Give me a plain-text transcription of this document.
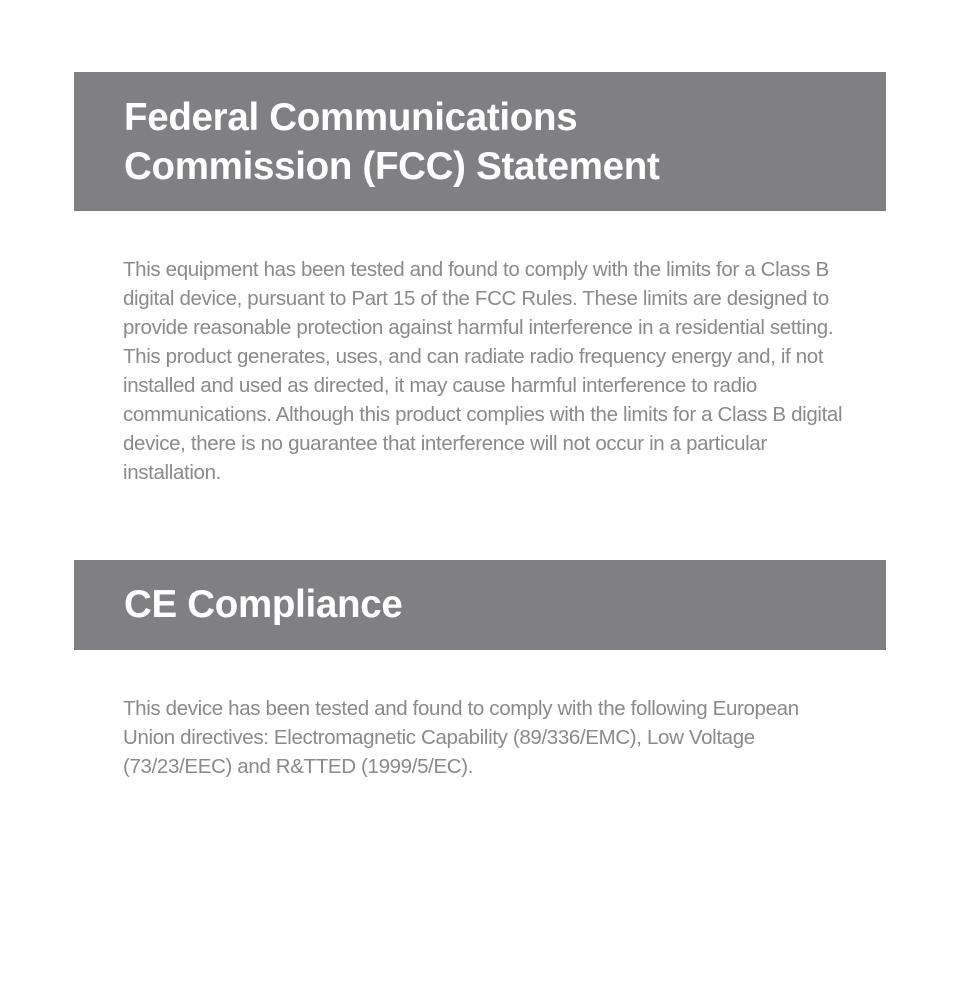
Federal Communications
Commission (FCC) Statement

This equipment has been tested and found to comply with the limits for a Class B digital device, pursuant to Part 15 of the FCC Rules. These limits are designed to provide reasonable protection against harmful interference in a residential setting. This product generates, uses, and can radiate radio frequency energy and, if not installed and used as directed, it may cause harmful interference to radio communications. Although this product complies with the limits for a Class B digital device, there is no guarantee that interference will not occur in a particular installation.

CE Compliance

This device has been tested and found to comply with the following European Union directives: Electromagnetic Capability (89/336/EMC), Low Voltage (73/23/EEC) and R&TTED (1999/5/EC).
